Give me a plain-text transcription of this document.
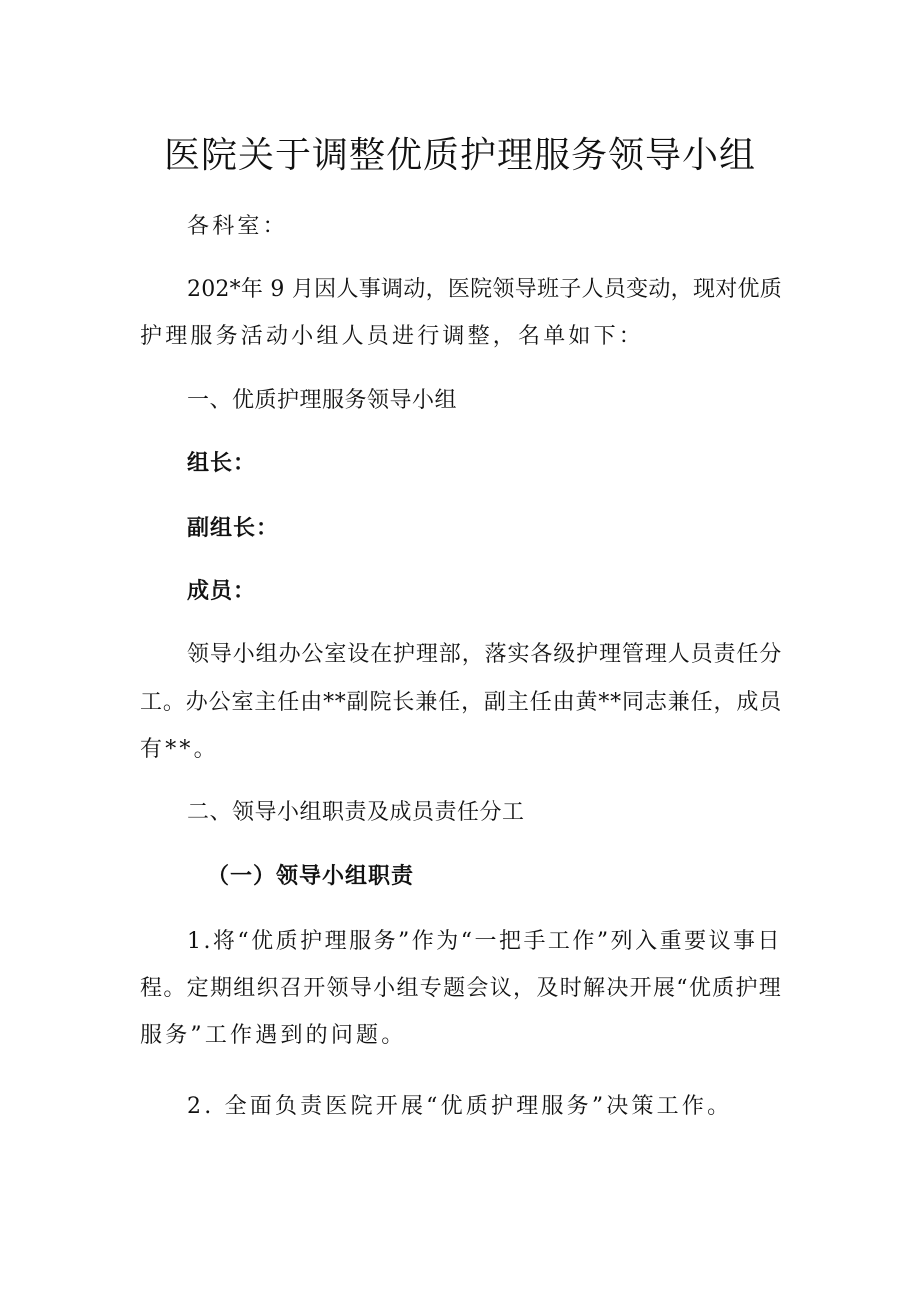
医院关于调整优质护理服务领导小组
各科室：
202*年 9 月因人事调动，医院领导班子人员变动，现对优质
护理服务活动小组人员进行调整，名单如下：
一、优质护理服务领导小组
组长：
副组长：
成员：
领导小组办公室设在护理部，落实各级护理管理人员责任分
工。办公室主任由**副院长兼任，副主任由黄**同志兼任，成员
有**。
二、领导小组职责及成员责任分工
（一）领导小组职责
1.将“优质护理服务”作为“一把手工作”列入重要议事日
程。定期组织召开领导小组专题会议，及时解决开展“优质护理
服务”工作遇到的问题。
2. 全面负责医院开展“优质护理服务”决策工作。
